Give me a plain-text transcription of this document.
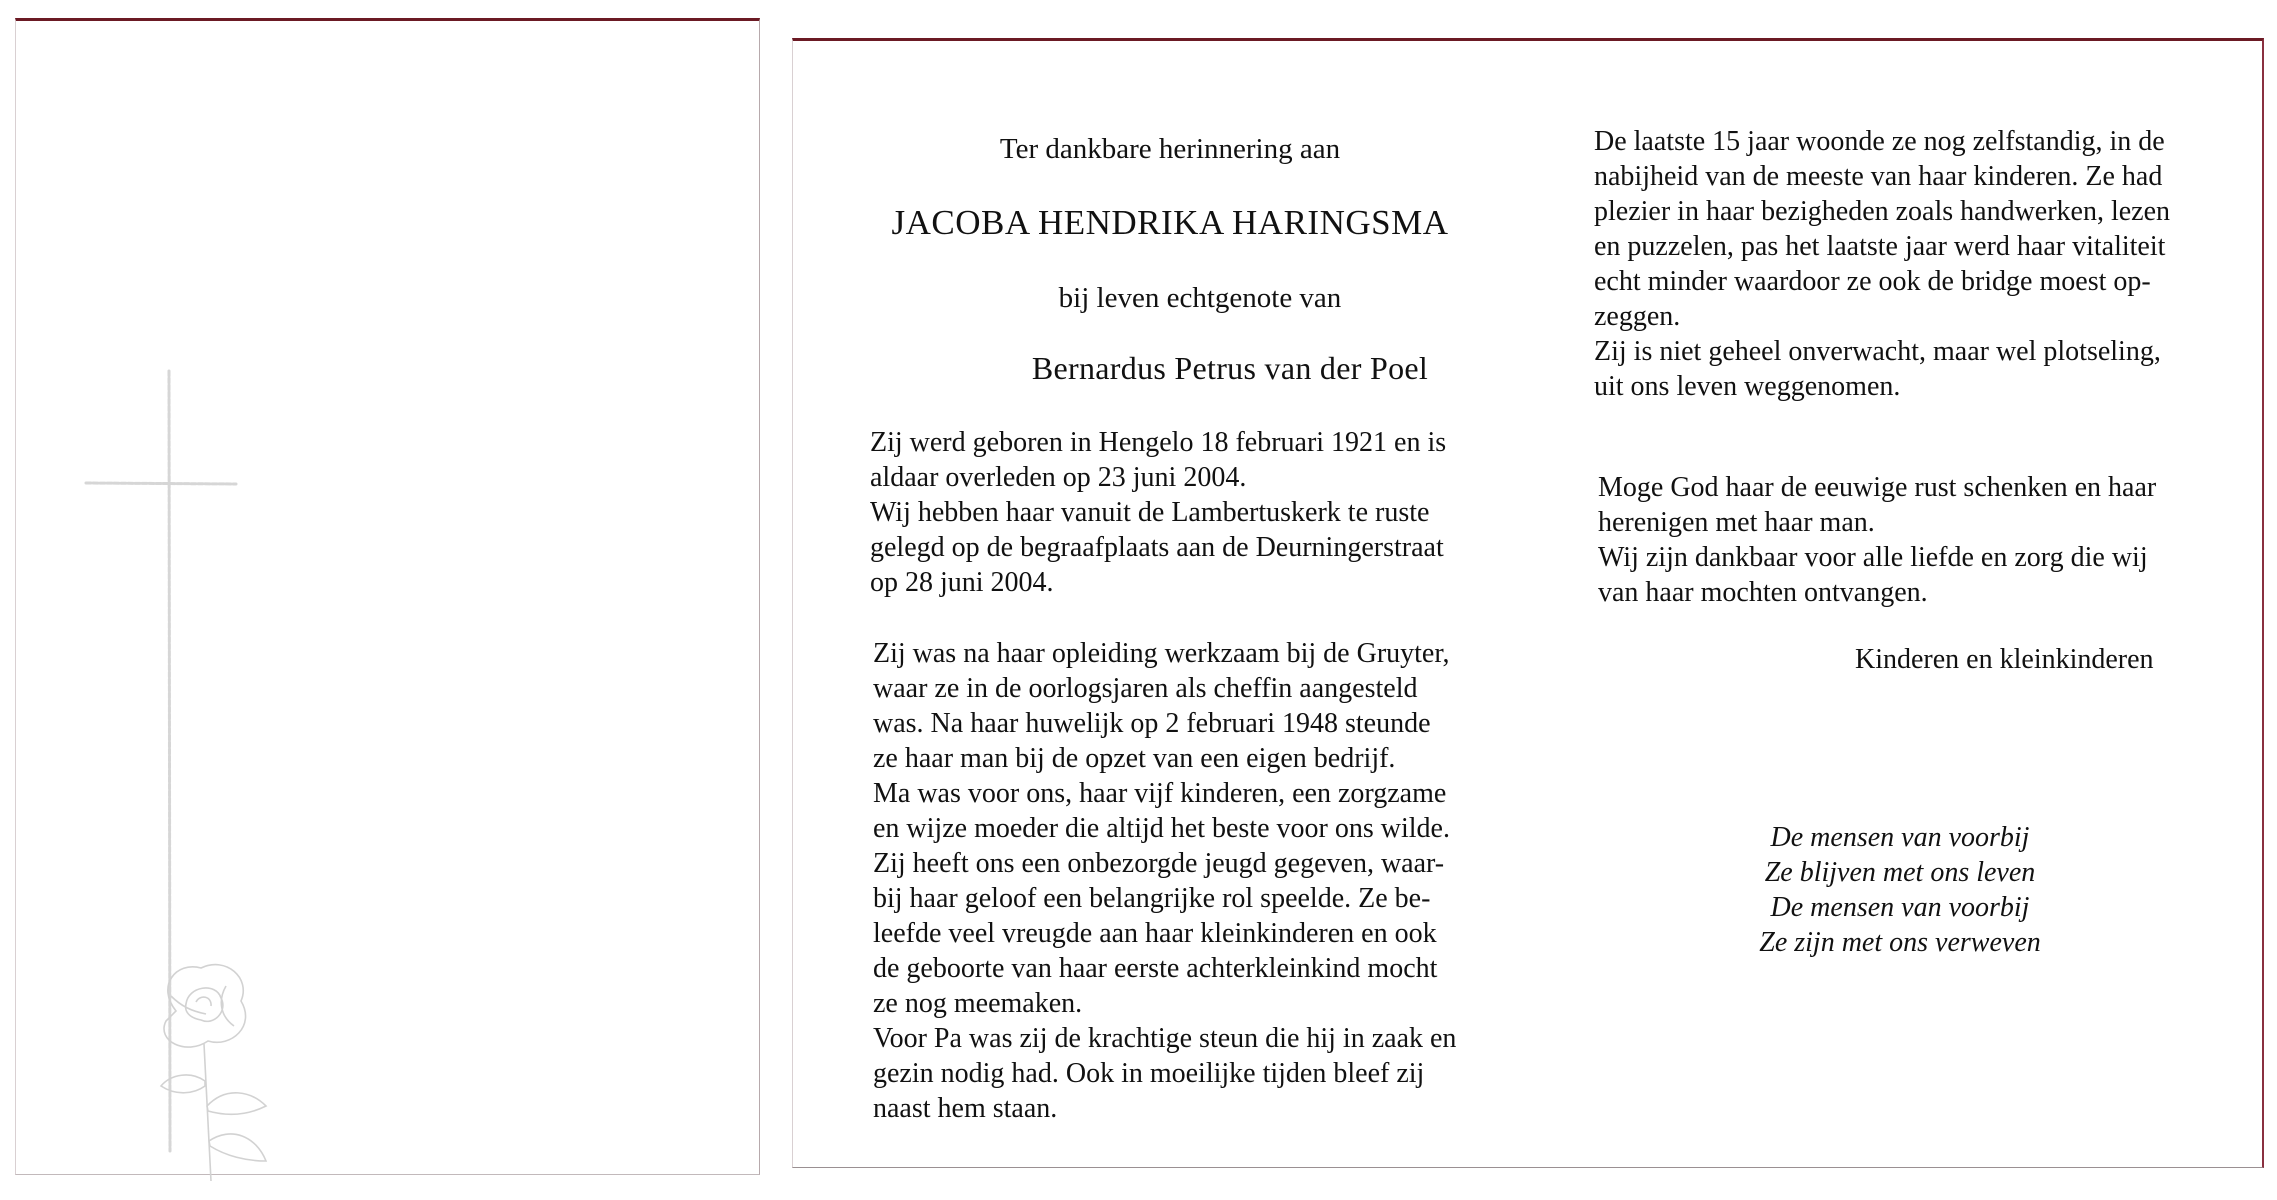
Ter dankbare herinnering aan
JACOBA HENDRIKA HARINGSMA
bij leven echtgenote van
Bernardus Petrus van der Poel
Zij werd geboren in Hengelo 18 februari 1921 en is
aldaar overleden op 23 juni 2004.
Wij hebben haar vanuit de Lambertuskerk te ruste
gelegd op de begraafplaats aan de Deurningerstraat
op 28 juni 2004.
Zij was na haar opleiding werkzaam bij de Gruyter,
waar ze in de oorlogsjaren als cheffin aangesteld
was. Na haar huwelijk op 2 februari 1948 steunde
ze haar man bij de opzet van een eigen bedrijf.
Ma was voor ons, haar vijf kinderen, een zorgzame
en wijze moeder die altijd het beste voor ons wilde.
Zij heeft ons een onbezorgde jeugd gegeven, waar-
bij haar geloof een belangrijke rol speelde. Ze be-
leefde veel vreugde aan haar kleinkinderen en ook
de geboorte van haar eerste achterkleinkind mocht
ze nog meemaken.
Voor Pa was zij de krachtige steun die hij in zaak en
gezin nodig had. Ook in moeilijke tijden bleef zij
naast hem staan.
De laatste 15 jaar woonde ze nog zelfstandig, in de
nabijheid van de meeste van haar kinderen. Ze had
plezier in haar bezigheden zoals handwerken, lezen
en puzzelen, pas het laatste jaar werd haar vitaliteit
echt minder waardoor ze ook de bridge moest op-
zeggen.
Zij is niet geheel onverwacht, maar wel plotseling,
uit ons leven weggenomen.
Moge God haar de eeuwige rust schenken en haar
herenigen met haar man.
Wij zijn dankbaar voor alle liefde en zorg die wij
van haar mochten ontvangen.
Kinderen en kleinkinderen
De mensen van voorbij
Ze blijven met ons leven
De mensen van voorbij
Ze zijn met ons verweven
